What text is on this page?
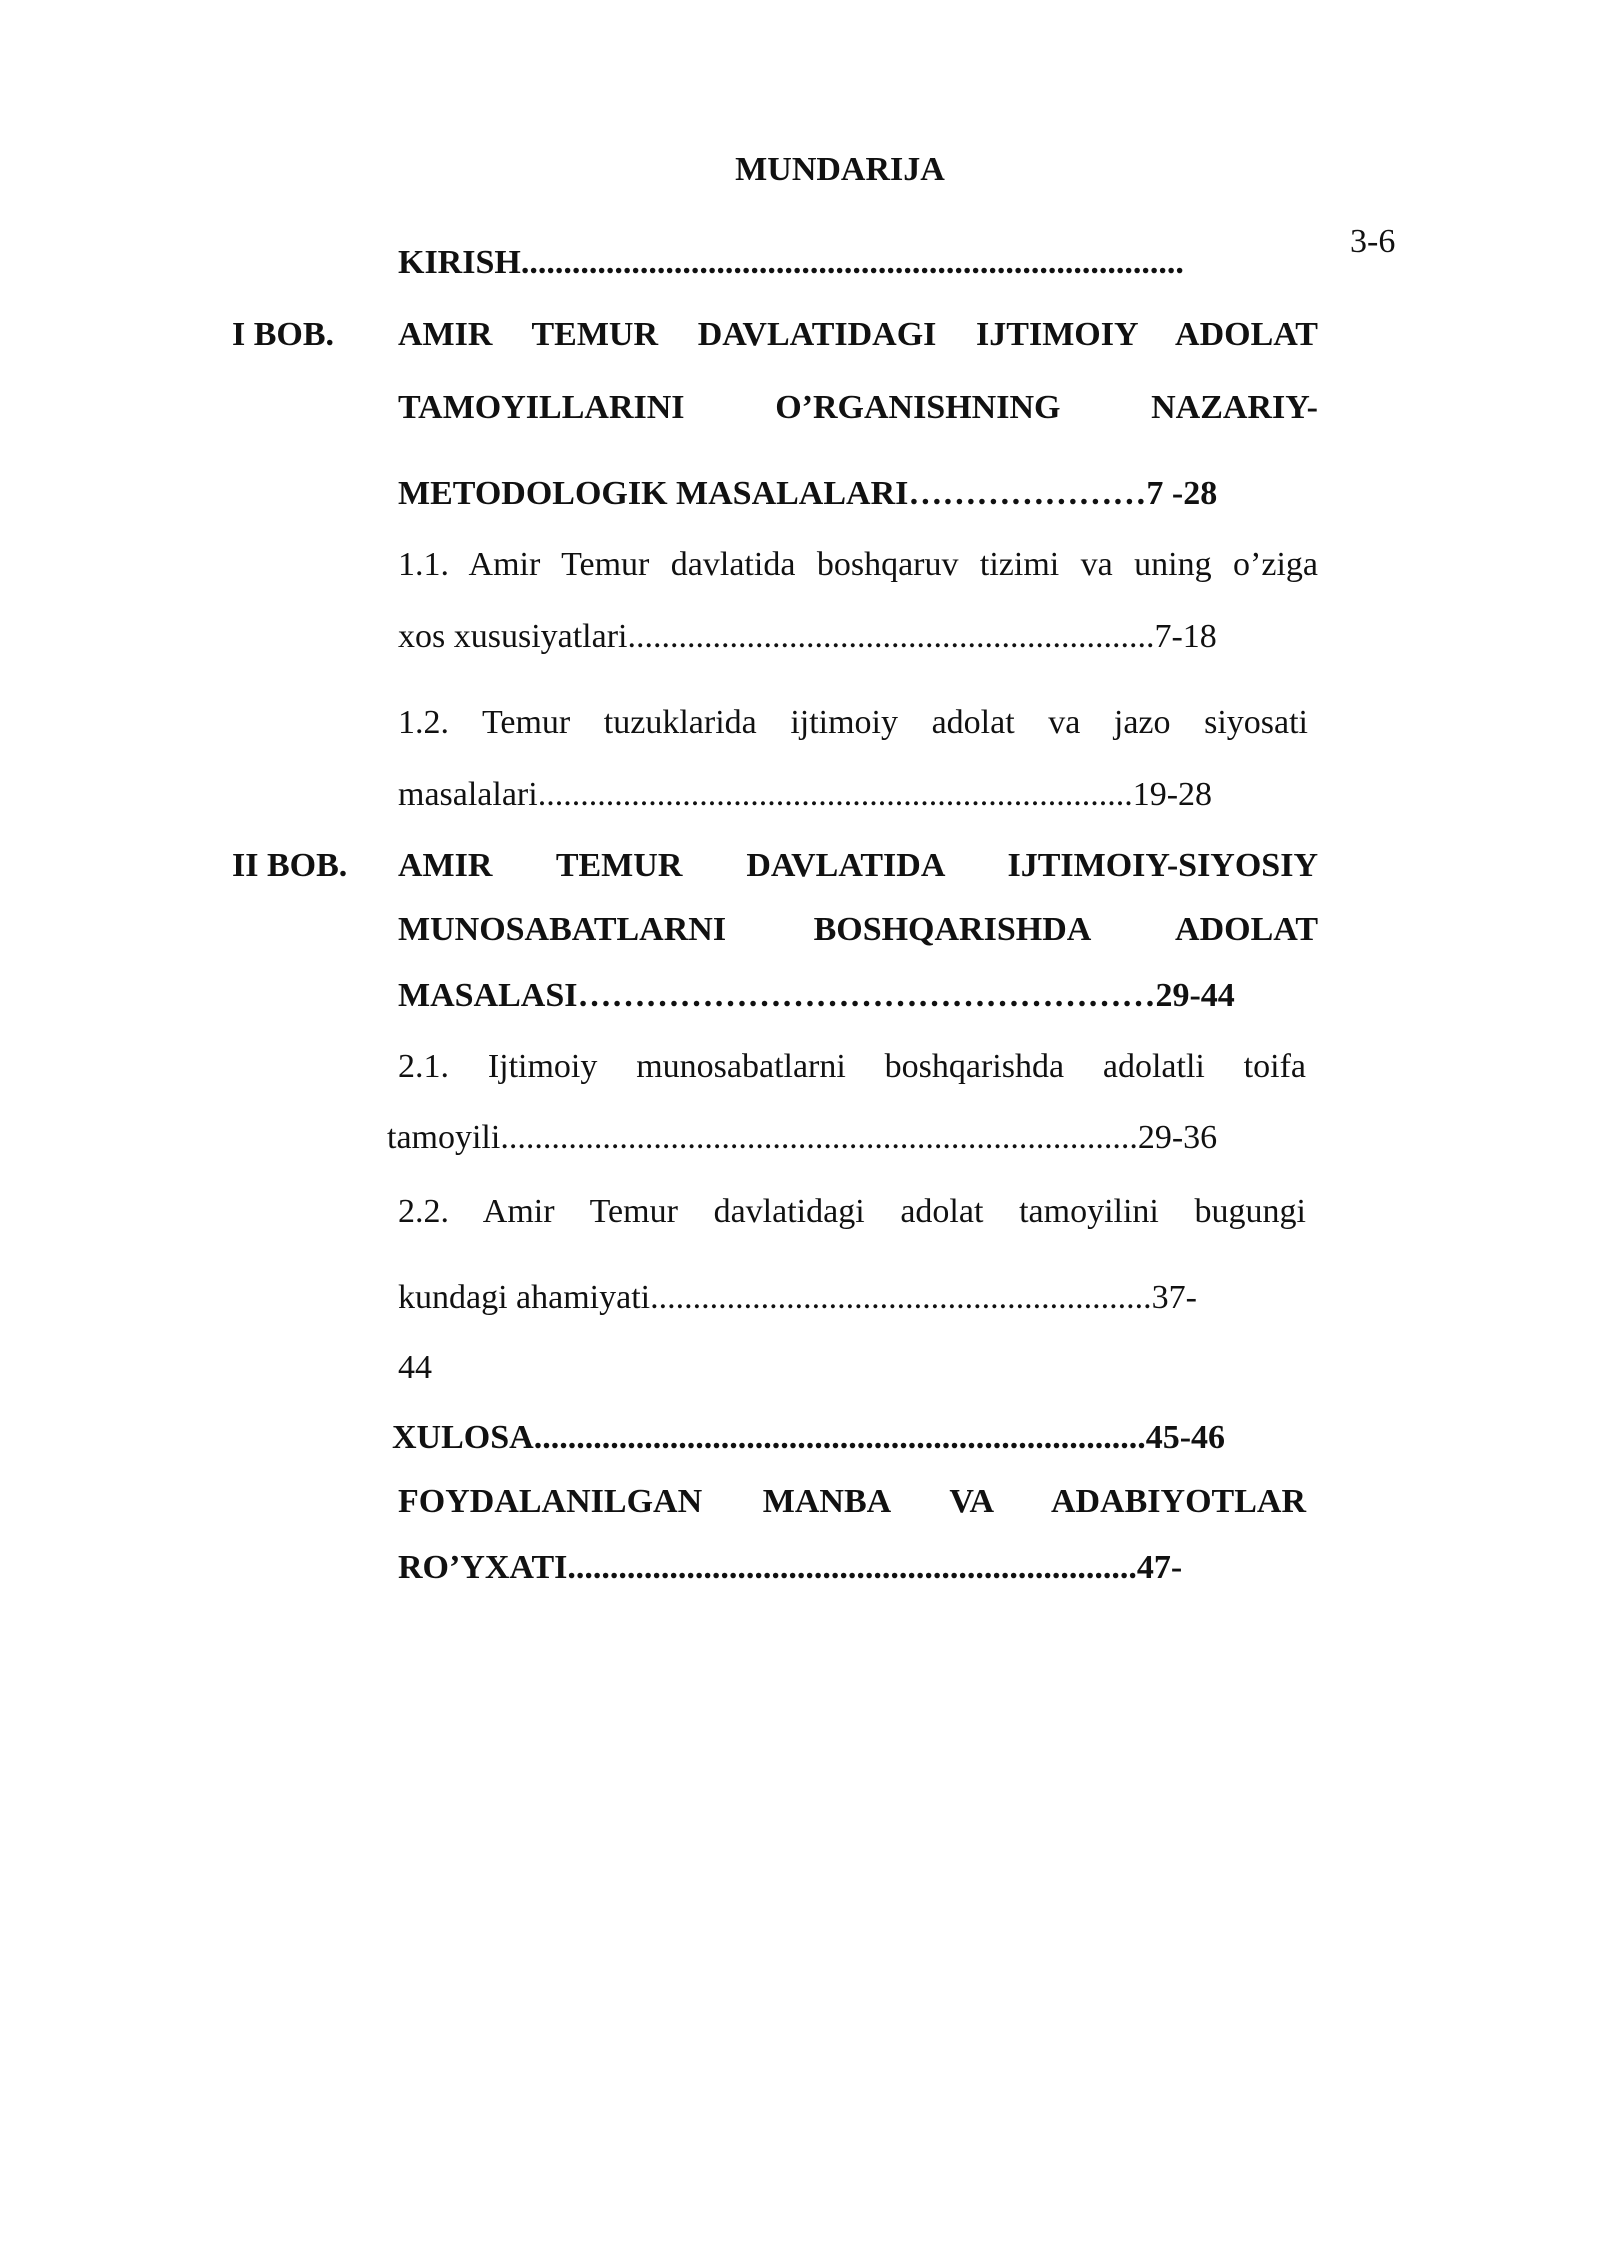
MUNDARIJA
KIRISH..............................................................................
3-6
I BOB. AMIR TEMUR DAVLATIDAGI IJTIMOIY ADOLAT
TAMOYILLARINI O’RGANISHNING NAZARIY-
METODOLOGIK MASALALARI…………………7 -28
1.1. Amir Temur davlatida boshqaruv tizimi va uning o’ziga
xos xususiyatlari..............................................................7-18
1.2. Temur tuzuklarida ijtimoiy adolat va jazo siyosati
masalalari......................................................................19-28
II BOB. AMIR TEMUR DAVLATIDA IJTIMOIY-SIYOSIY
MUNOSABATLARNI BOSHQARISHDA ADOLAT
MASALASI……………………………………………29-44
2.1. Ijtimoiy munosabatlarni boshqarishda adolatli toifa
tamoyili...........................................................................29-36
2.2. Amir Temur davlatidagi adolat tamoyilini bugungi
kundagi ahamiyati...........................................................37-
44
XULOSA........................................................................45-46
FOYDALANILGAN MANBA VA ADABIYOTLAR
RO’YXATI...................................................................47-
